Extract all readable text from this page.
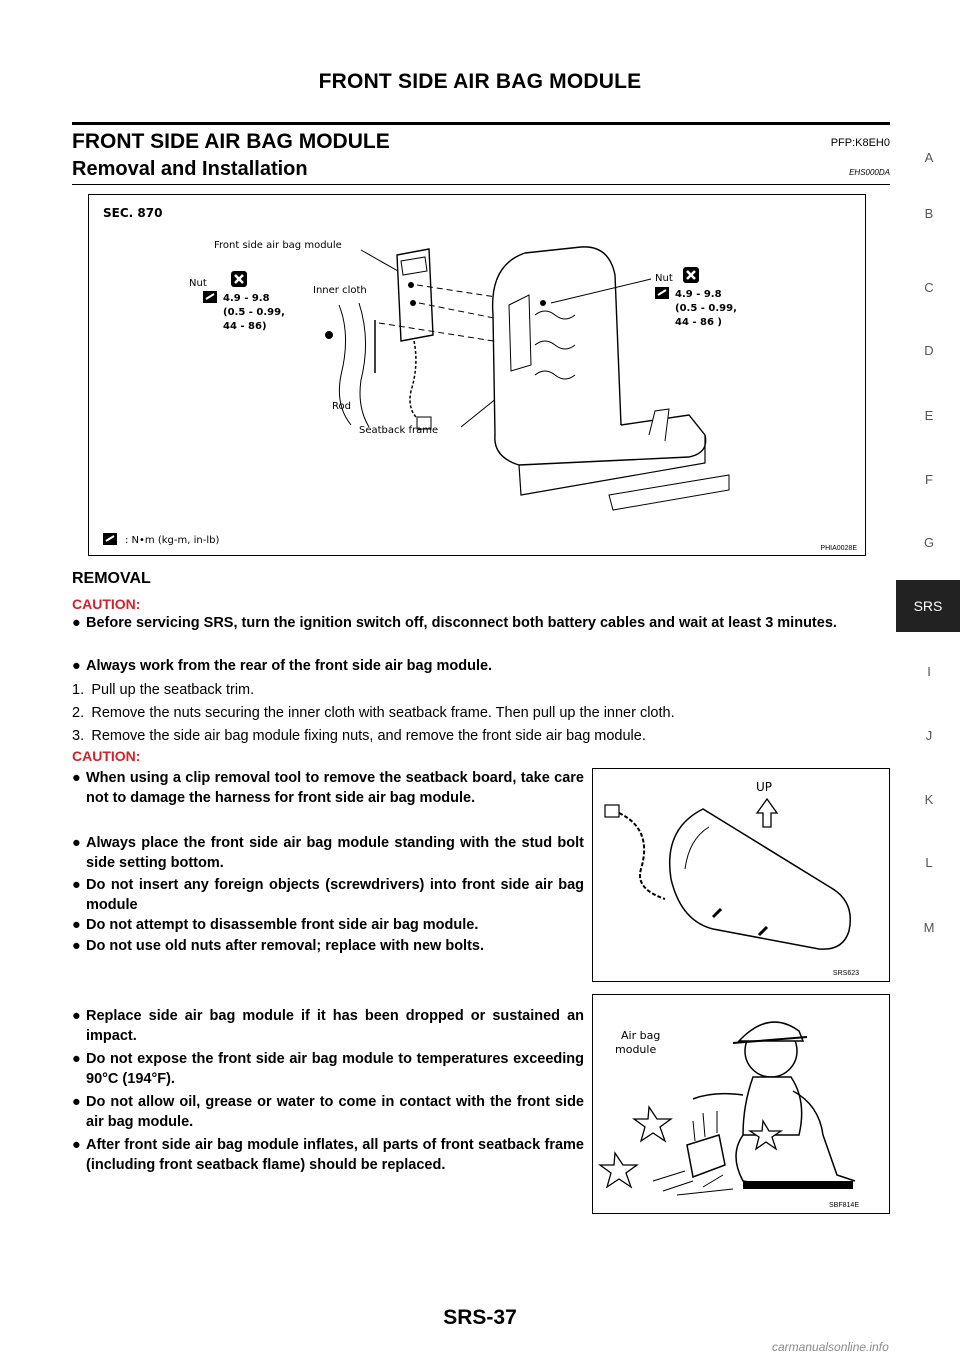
FRONT SIDE AIR BAG MODULE
FRONT SIDE AIR BAG MODULE	PFP:K8EH0
Removal and Installation	EHS000DA
SEC. 870
Front side air bag module
Nut
4.9 - 9.8
(0.5 - 0.99,
44 - 86)
Inner cloth
Rod
Seatback frame
Nut
4.9 - 9.8
(0.5 - 0.99,
44 - 86 )
: N•m (kg-m, in-lb)
PHIA0028E
REMOVAL
CAUTION:
● Before servicing SRS, turn the ignition switch off, disconnect both battery cables and wait at least 3 minutes.
● Always work from the rear of the front side air bag module.
1. Pull up the seatback trim.
2. Remove the nuts securing the inner cloth with seatback frame. Then pull up the inner cloth.
3. Remove the side air bag module fixing nuts, and remove the front side air bag module.
CAUTION:
● When using a clip removal tool to remove the seatback board, take care not to damage the harness for front side air bag module.
● Always place the front side air bag module standing with the stud bolt side setting bottom.
● Do not insert any foreign objects (screwdrivers) into front side air bag module
● Do not attempt to disassemble front side air bag module.
● Do not use old nuts after removal; replace with new bolts.
UP
SRS623
● Replace side air bag module if it has been dropped or sustained an impact.
● Do not expose the front side air bag module to temperatures exceeding 90°C (194°F).
● Do not allow oil, grease or water to come in contact with the front side air bag module.
● After front side air bag module inflates, all parts of front seatback frame (including front seatback flame) should be replaced.
Air bag
module
SBF814E
A
B
C
D
E
F
G
SRS
I
J
K
L
M
SRS-37
carmanualsonline.info
